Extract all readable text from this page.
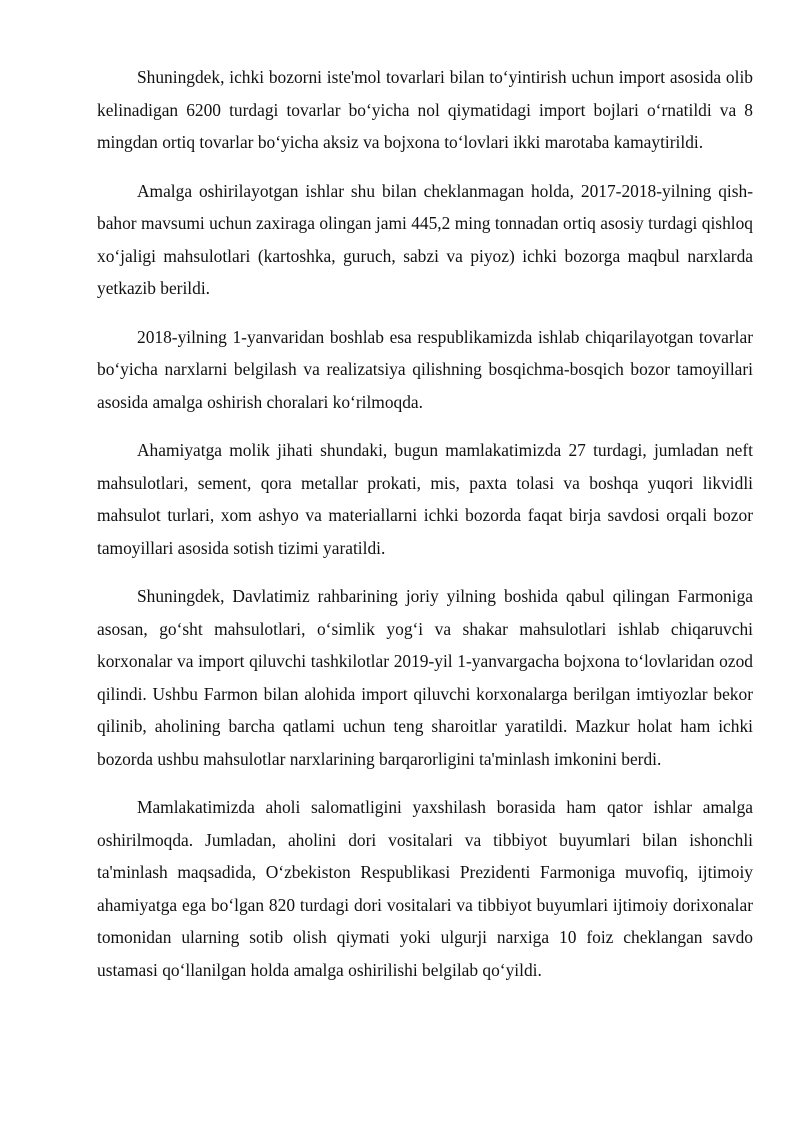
Shuningdek, ichki bozorni iste'mol tovarlari bilan to‘yintirish uchun import asosida olib kelinadigan 6200 turdagi tovarlar bo‘yicha nol qiymatidagi import bojlari o‘rnatildi va 8 mingdan ortiq tovarlar bo‘yicha aksiz va bojxona to‘lovlari ikki marotaba kamaytirildi.

Amalga oshirilayotgan ishlar shu bilan cheklanmagan holda, 2017-2018-yilning qish-bahor mavsumi uchun zaxiraga olingan jami 445,2 ming tonnadan ortiq asosiy turdagi qishloq xo‘jaligi mahsulotlari (kartoshka, guruch, sabzi va piyoz) ichki bozorga maqbul narxlarda yetkazib berildi.

2018-yilning 1-yanvaridan boshlab esa respublikamizda ishlab chiqarilayotgan tovarlar bo‘yicha narxlarni belgilash va realizatsiya qilishning bosqichma-bosqich bozor tamoyillari asosida amalga oshirish choralari ko‘rilmoqda.

Ahamiyatga molik jihati shundaki, bugun mamlakatimizda 27 turdagi, jumladan neft mahsulotlari, sement, qora metallar prokati, mis, paxta tolasi va boshqa yuqori likvidli mahsulot turlari, xom ashyo va materiallarni ichki bozorda faqat birja savdosi orqali bozor tamoyillari asosida sotish tizimi yaratildi.

Shuningdek, Davlatimiz rahbarining joriy yilning boshida qabul qilingan Farmoniga asosan, go‘sht mahsulotlari, o‘simlik yog‘i va shakar mahsulotlari ishlab chiqaruvchi korxonalar va import qiluvchi tashkilotlar 2019-yil 1-yanvargacha bojxona to‘lovlaridan ozod qilindi. Ushbu Farmon bilan alohida import qiluvchi korxonalarga berilgan imtiyozlar bekor qilinib, aholining barcha qatlami uchun teng sharoitlar yaratildi. Mazkur holat ham ichki bozorda ushbu mahsulotlar narxlarining barqarorligini ta'minlash imkonini berdi.

Mamlakatimizda aholi salomatligini yaxshilash borasida ham qator ishlar amalga oshirilmoqda. Jumladan, aholini dori vositalari va tibbiyot buyumlari bilan ishonchli ta'minlash maqsadida, O‘zbekiston Respublikasi Prezidenti Farmoniga muvofiq, ijtimoiy ahamiyatga ega bo‘lgan 820 turdagi dori vositalari va tibbiyot buyumlari ijtimoiy dorixonalar tomonidan ularning sotib olish qiymati yoki ulgurji narxiga 10 foiz cheklangan savdo ustamasi qo‘llanilgan holda amalga oshirilishi belgilab qo‘yildi.
